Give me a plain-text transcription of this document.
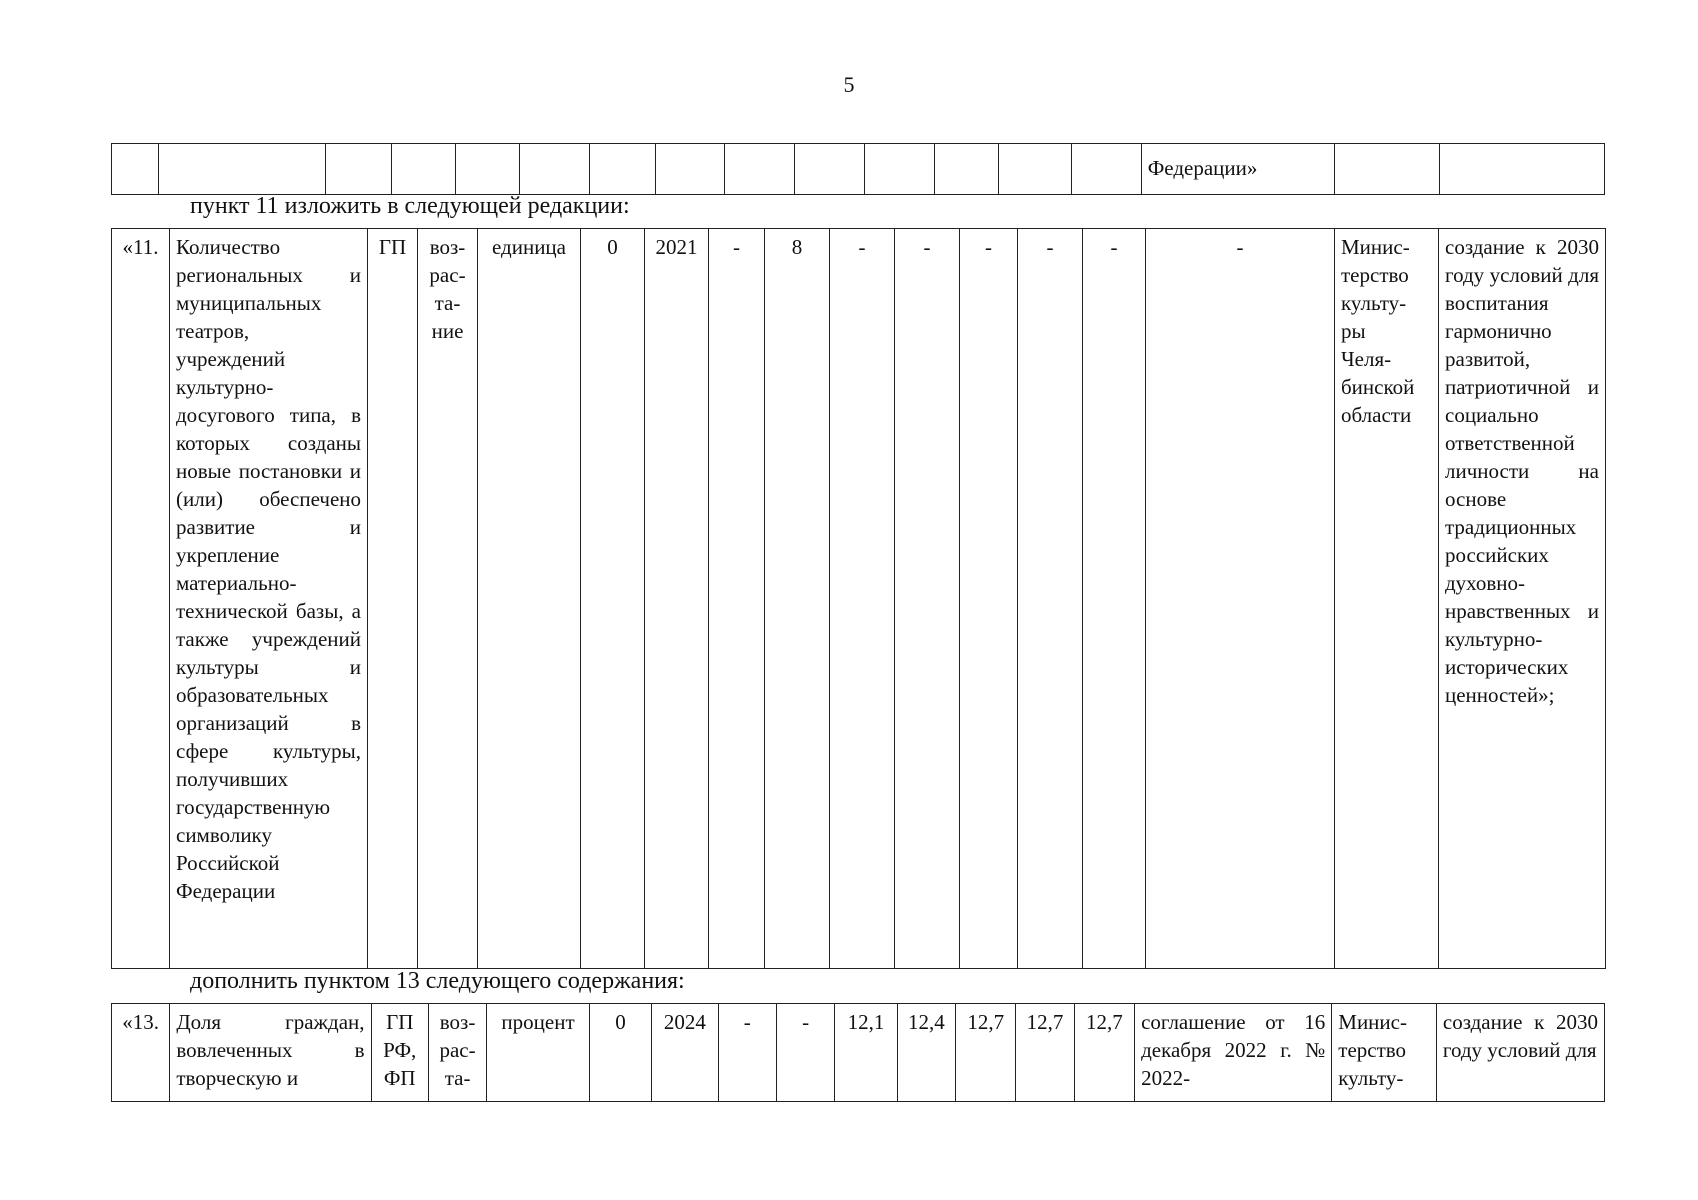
5
														Федерации»		
пункт 11 изложить в следующей редакции:
«11.	Количество региональных и муниципальных театров, учреждений культурно-досугового типа, в которых созданы новые постановки и (или) обеспечено развитие и укрепление материально-технической базы, а также учреждений культуры и образовательных организаций в сфере культуры, получивших государственную символику Российской Федерации	ГП	воз-
рас-
та-
ние	единица	0	2021	-	8	-	-	-	-	-	-	Минис-
терство
культу-
ры
Челя-
бинской
области	создание к 2030 году условий для воспитания гармонично развитой, патриотичной и социально ответственной личности на основе традиционных российских духовно-нравственных и культурно-исторических ценностей»;
дополнить пунктом 13 следующего содержания:
«13.	Доля граждан, вовлеченных в творческую и	ГП
РФ,
ФП	воз-
рас-
та-	процент	0	2024	-	-	12,1	12,4	12,7	12,7	12,7	соглашение от 16 декабря 2022 г. № 2022-	Минис-
терство
культу-	создание к 2030 году условий для
